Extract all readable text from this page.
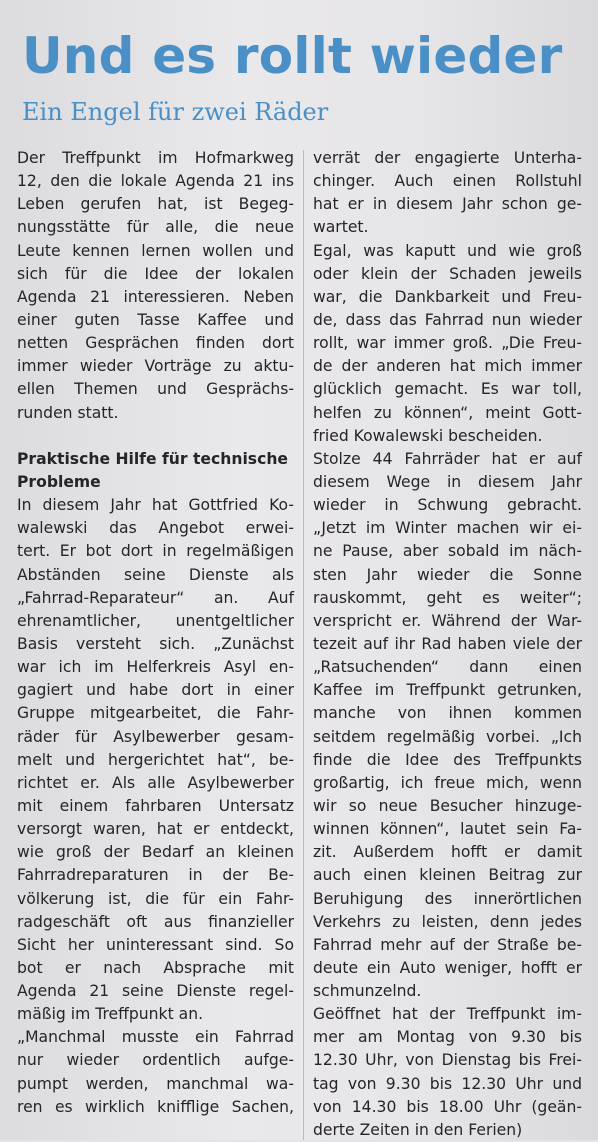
Und es rollt wieder
Ein Engel für zwei Räder
Der Treffpunkt im Hofmarkweg
12, den die lokale Agenda 21 ins
Leben gerufen hat, ist Begeg-
nungsstätte für alle, die neue
Leute kennen lernen wollen und
sich für die Idee der lokalen
Agenda 21 interessieren. Neben
einer guten Tasse Kaffee und
netten Gesprächen finden dort
immer wieder Vorträge zu aktu-
ellen Themen und Gesprächs-
runden statt.
Praktische Hilfe für technische
Probleme
In diesem Jahr hat Gottfried Ko-
walewski das Angebot erwei-
tert. Er bot dort in regelmäßigen
Abständen seine Dienste als
„Fahrrad-Reparateur“ an. Auf
ehrenamtlicher, unentgeltlicher
Basis versteht sich. „Zunächst
war ich im Helferkreis Asyl en-
gagiert und habe dort in einer
Gruppe mitgearbeitet, die Fahr-
räder für Asylbewerber gesam-
melt und hergerichtet hat“, be-
richtet er. Als alle Asylbewerber
mit einem fahrbaren Untersatz
versorgt waren, hat er entdeckt,
wie groß der Bedarf an kleinen
Fahrradreparaturen in der Be-
völkerung ist, die für ein Fahr-
radgeschäft oft aus finanzieller
Sicht her uninteressant sind. So
bot er nach Absprache mit
Agenda 21 seine Dienste regel-
mäßig im Treffpunkt an.
„Manchmal musste ein Fahrrad
nur wieder ordentlich aufge-
pumpt werden, manchmal wa-
ren es wirklich knifflige Sachen,
verrät der engagierte Unterha-
chinger. Auch einen Rollstuhl
hat er in diesem Jahr schon ge-
wartet.
Egal, was kaputt und wie groß
oder klein der Schaden jeweils
war, die Dankbarkeit und Freu-
de, dass das Fahrrad nun wieder
rollt, war immer groß. „Die Freu-
de der anderen hat mich immer
glücklich gemacht. Es war toll,
helfen zu können“, meint Gott-
fried Kowalewski bescheiden.
Stolze 44 Fahrräder hat er auf
diesem Wege in diesem Jahr
wieder in Schwung gebracht.
„Jetzt im Winter machen wir ei-
ne Pause, aber sobald im näch-
sten Jahr wieder die Sonne
rauskommt, geht es weiter“;
verspricht er. Während der War-
tezeit auf ihr Rad haben viele der
„Ratsuchenden“ dann einen
Kaffee im Treffpunkt getrunken,
manche von ihnen kommen
seitdem regelmäßig vorbei. „Ich
finde die Idee des Treffpunkts
großartig, ich freue mich, wenn
wir so neue Besucher hinzuge-
winnen können“, lautet sein Fa-
zit. Außerdem hofft er damit
auch einen kleinen Beitrag zur
Beruhigung des innerörtlichen
Verkehrs zu leisten, denn jedes
Fahrrad mehr auf der Straße be-
deute ein Auto weniger, hofft er
schmunzelnd.
Geöffnet hat der Treffpunkt im-
mer am Montag von 9.30 bis
12.30 Uhr, von Dienstag bis Frei-
tag von 9.30 bis 12.30 Uhr und
von 14.30 bis 18.00 Uhr (geän-
derte Zeiten in den Ferien)
